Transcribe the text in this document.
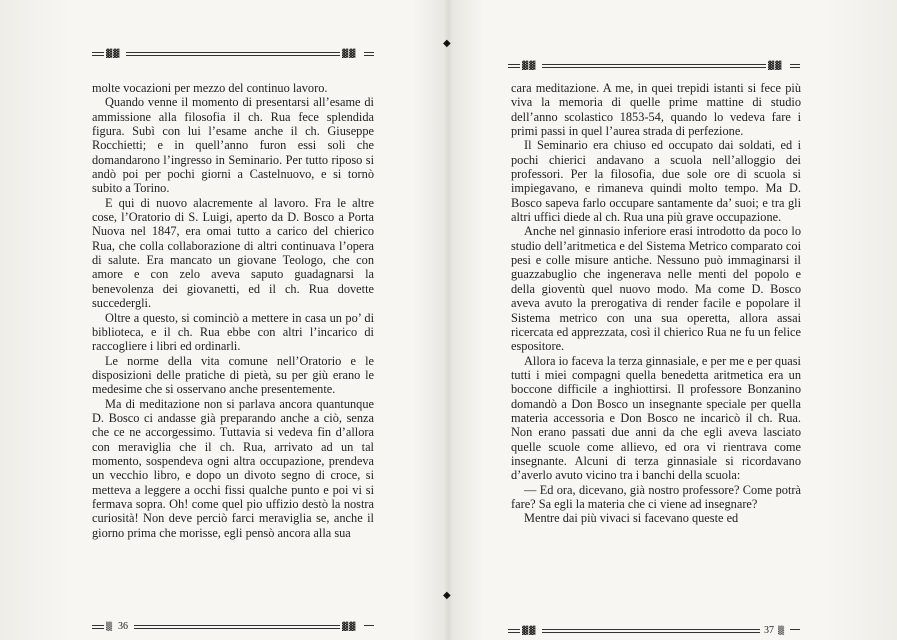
◆
◆
▓▓	▓▓

molte vocazioni per mezzo del continuo lavoro.

Quando venne il momento di presentarsi all’esame di ammissione alla filosofia il ch. Rua fece splendida figura. Subì con lui l’esame anche il ch. Giuseppe Rocchietti; e in quell’anno furon essi soli che domandarono l’ingresso in Seminario. Per tutto riposo si andò poi per pochi giorni a Castelnuovo, e si tornò subito a Torino.

E qui di nuovo alacremente al lavoro. Fra le altre cose, l’Oratorio di S. Luigi, aperto da D. Bosco a Porta Nuova nel 1847, era omai tutto a carico del chierico Rua, che colla collaborazione di altri continuava l’opera di salute. Era mancato un giovane Teologo, che con amore e con zelo aveva saputo guadagnarsi la benevolenza dei giovanetti, ed il ch. Rua dovette succedergli.

Oltre a questo, si cominciò a mettere in casa un po’ di biblioteca, e il ch. Rua ebbe con altri l’incarico di raccogliere i libri ed ordinarli.

Le norme della vita comune nell’Oratorio e le disposizioni delle pratiche di pietà, su per giù erano le medesime che si osservano anche presentemente.

Ma di meditazione non si parlava ancora quantunque D. Bosco ci andasse già preparando anche a ciò, senza che ce ne accorgessimo. Tuttavia si vedeva fin d’allora con meraviglia che il ch. Rua, arrivato ad un tal momento, sospendeva ogni altra occupazione, prendeva un vecchio libro, e dopo un divoto segno di croce, si metteva a leggere a occhi fissi qualche punto e poi vi si fermava sopra. Oh! come quel pio uffizio destò la nostra curiosità! Non deve perciò farci meraviglia se, anche il giorno prima che morisse, egli pensò ancora alla sua

▒ 36	▓▓
▓▓	▓▓

cara meditazione. A me, in quei trepidi istanti si fece più viva la memoria di quelle prime mattine di studio dell’anno scolastico 1853-54, quando lo vedeva fare i primi passi in quel l’aurea strada di perfezione.

Il Seminario era chiuso ed occupato dai soldati, ed i pochi chierici andavano a scuola nell’alloggio dei professori. Per la filosofia, due sole ore di scuola si impiegavano, e rimaneva quindi molto tempo. Ma D. Bosco sapeva farlo occupare santamente da’ suoi; e tra gli altri uffici diede al ch. Rua una più grave occupazione.

Anche nel ginnasio inferiore erasi introdotto da poco lo studio dell’aritmetica e del Sistema Metrico comparato coi pesi e colle misure antiche. Nessuno può immaginarsi il guazzabuglio che ingenerava nelle menti del popolo e della gioventù quel nuovo modo. Ma come D. Bosco aveva avuto la prerogativa di render facile e popolare il Sistema metrico con una sua operetta, allora assai ricercata ed apprezzata, così il chierico Rua ne fu un felice espositore.

Allora io faceva la terza ginnasiale, e per me e per quasi tutti i miei compagni quella benedetta aritmetica era un boccone difficile a inghiottirsi. Il professore Bonzanino domandò a Don Bosco un insegnante speciale per quella materia accessoria e Don Bosco ne incaricò il ch. Rua. Non erano passati due anni da che egli aveva lasciato quelle scuole come allievo, ed ora vi rientrava come insegnante. Alcuni di terza ginnasiale si ricordavano d’averlo avuto vicino tra i banchi della scuola:

— Ed ora, dicevano, già nostro professore? Come potrà fare? Sa egli la materia che ci viene ad insegnare?

Mentre dai più vivaci si facevano queste ed

▓▓	37 ▒
